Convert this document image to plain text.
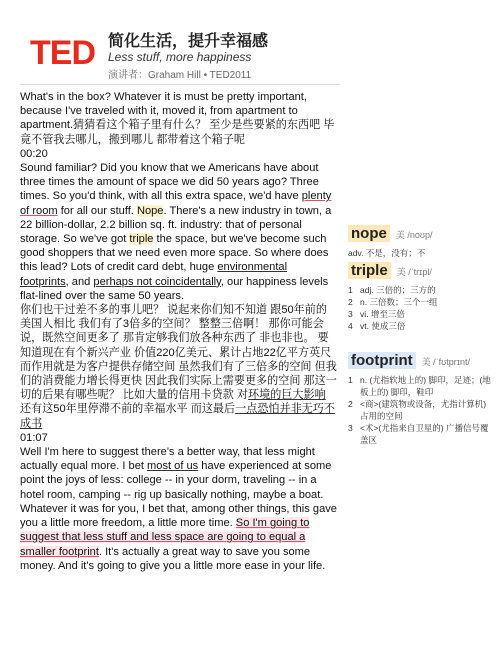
TED 简化生活，提升幸福感
Less stuff, more happiness
演讲者：Graham Hill • TED2011

What's in the box? Whatever it is must be pretty important, because I've traveled with it, moved it, from apartment to apartment.猜猜看这个箱子里有什么？ 至少是些要紧的东西吧 毕竟不管我去哪儿，搬到哪儿 都带着这个箱子呢

00:20

Sound familiar? Did you know that we Americans have about three times the amount of space we did 50 years ago? Three times. So you'd think, with all this extra space, we'd have plenty of room for all our stuff. Nope. There's a new industry in town, a 22 billion-dollar, 2.2 billion sq. ft. industry: that of personal storage. So we've got triple the space, but we've become such good shoppers that we need even more space. So where does this lead? Lots of credit card debt, huge environmental footprints, and perhaps not coincidentally, our happiness levels flat-lined over the same 50 years.

你们也干过差不多的事儿吧？ 说起来你们知不知道 跟50年前的美国人相比 我们有了3倍多的空间？ 整整三倍啊！ 那你可能会说，既然空间更多了 那肯定够我们放各种东西了 非也非也。 要知道现在有个新兴产业 价值220亿美元、累计占地22亿平方英尺 而作用就是为客户提供存储空间 虽然我们有了三倍多的空间 但我们的消费能力增长得更快 因此我们实际上需要更多的空间 那这一切的后果有哪些呢？ 比如大量的信用卡贷款 对环境的巨大影响 还有这50年里停滞不前的幸福水平 而这最后一点恐怕并非无巧不成书

01:07

Well I'm here to suggest there's a better way, that less might actually equal more. I bet most of us have experienced at some point the joys of less: college -- in your dorm, traveling -- in a hotel room, camping -- rig up basically nothing, maybe a boat. Whatever it was for you, I bet that, among other things, this gave you a little more freedom, a little more time. So I'm going to suggest that less stuff and less space are going to equal a smaller footprint. It's actually a great way to save you some money. And it's going to give you a little more ease in your life.

nope 美 /noʊp/
adv. 不是，没有；不
triple 美 /ˈtrɪpl/
1 adj. 三倍的；三方的
2 n. 三倍数；三个一组
3 vi. 增至三倍
4 vt. 使成三倍
footprint 美 /ˈfʊtprɪnt/
1 n. (尤指软地上的) 脚印，足迹；(地板上的) 脚印，鞋印
2 <商>(建筑物或设备，尤指计算机) 占用的空间
3 <术>(尤指来自卫星的) 广播信号覆盖区
